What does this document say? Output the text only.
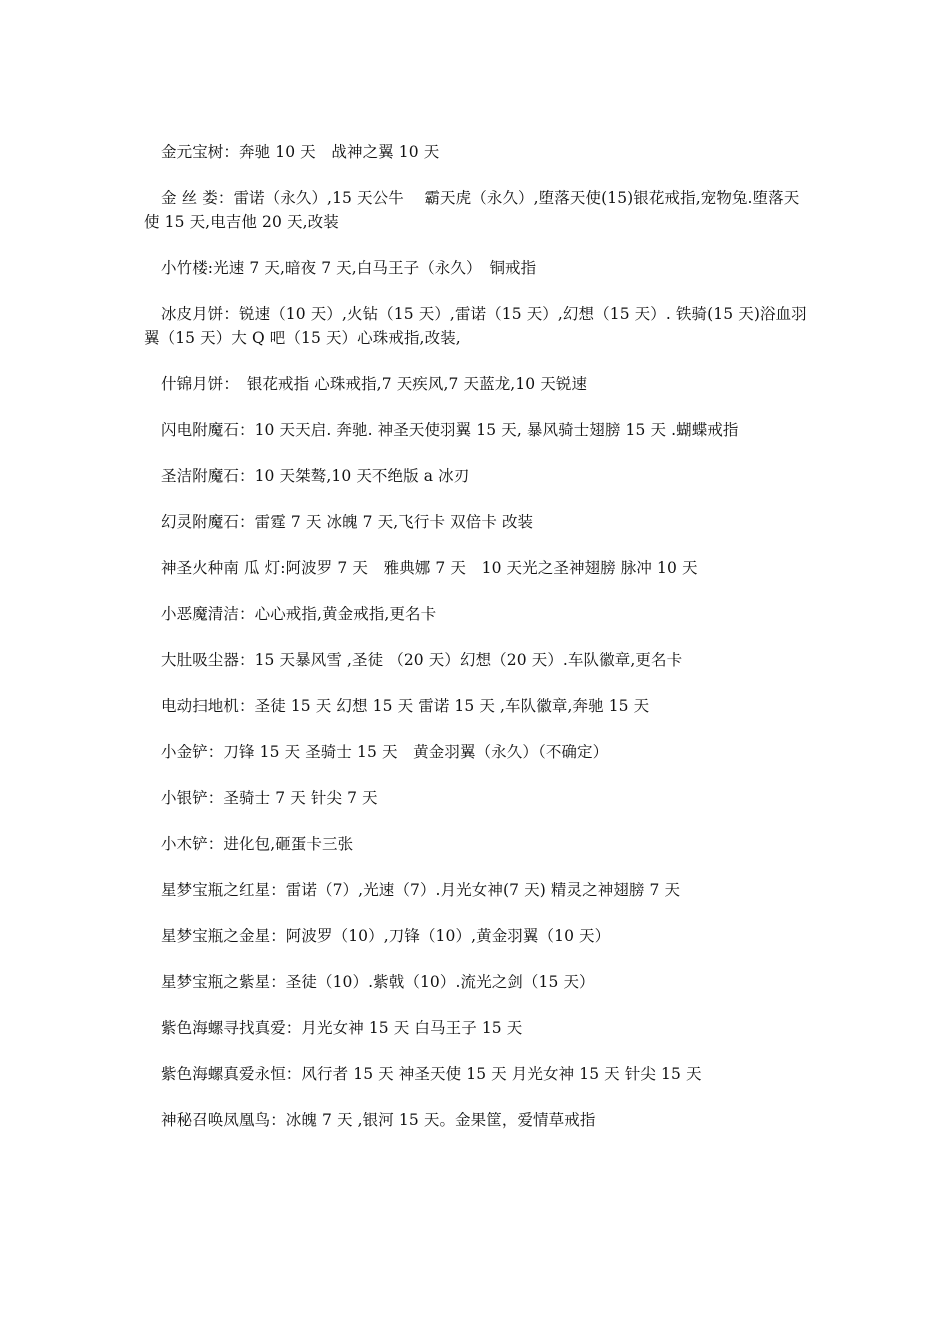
金元宝树：奔驰 10 天　战神之翼 10 天

金 丝 娄：雷诺（永久）,15 天公牛　 霸天虎（永久）,堕落天使(15)银花戒指,宠物兔.堕落天使 15 天,电吉他 20 天,改装

小竹楼:光速 7 天,暗夜 7 天,白马王子（永久）　铜戒指

冰皮月饼：锐速（10 天）,火钻（15 天）,雷诺（15 天）,幻想（15 天）. 铁骑(15 天)浴血羽翼（15 天）大 Q 吧（15 天）心珠戒指,改装,

什锦月饼：　银花戒指 心珠戒指,7 天疾风,7 天蓝龙,10 天锐速

闪电附魔石：10 天天启. 奔驰. 神圣天使羽翼 15 天, 暴风骑士翅膀 15 天 .蝴蝶戒指

圣洁附魔石：10 天桀骜,10 天不绝版 a 冰刃

幻灵附魔石：雷霆 7 天 冰魄 7 天,飞行卡 双倍卡 改装

神圣火种南 瓜 灯:阿波罗 7 天　雅典娜 7 天　10 天光之圣神翅膀 脉冲 10 天

小恶魔清洁：心心戒指,黄金戒指,更名卡

大肚吸尘器：15 天暴风雪 ,圣徒 （20 天）幻想（20 天）.车队徽章,更名卡

电动扫地机：圣徒 15 天 幻想 15 天 雷诺 15 天 ,车队徽章,奔驰 15 天

小金铲：刀锋 15 天 圣骑士 15 天　黄金羽翼（永久）（不确定）

小银铲：圣骑士 7 天 针尖 7 天

小木铲：进化包,砸蛋卡三张

星梦宝瓶之红星：雷诺（7）,光速（7）.月光女神(7 天) 精灵之神翅膀 7 天

星梦宝瓶之金星：阿波罗（10）,刀锋（10）,黄金羽翼（10 天）

星梦宝瓶之紫星：圣徒（10）.紫戟（10）.流光之剑（15 天）

紫色海螺寻找真爱：月光女神 15 天 白马王子 15 天

紫色海螺真爱永恒：风行者 15 天 神圣天使 15 天 月光女神 15 天 针尖 15 天

神秘召唤凤凰鸟：冰魄 7 天 ,银河 15 天。金果筐，爱情草戒指
